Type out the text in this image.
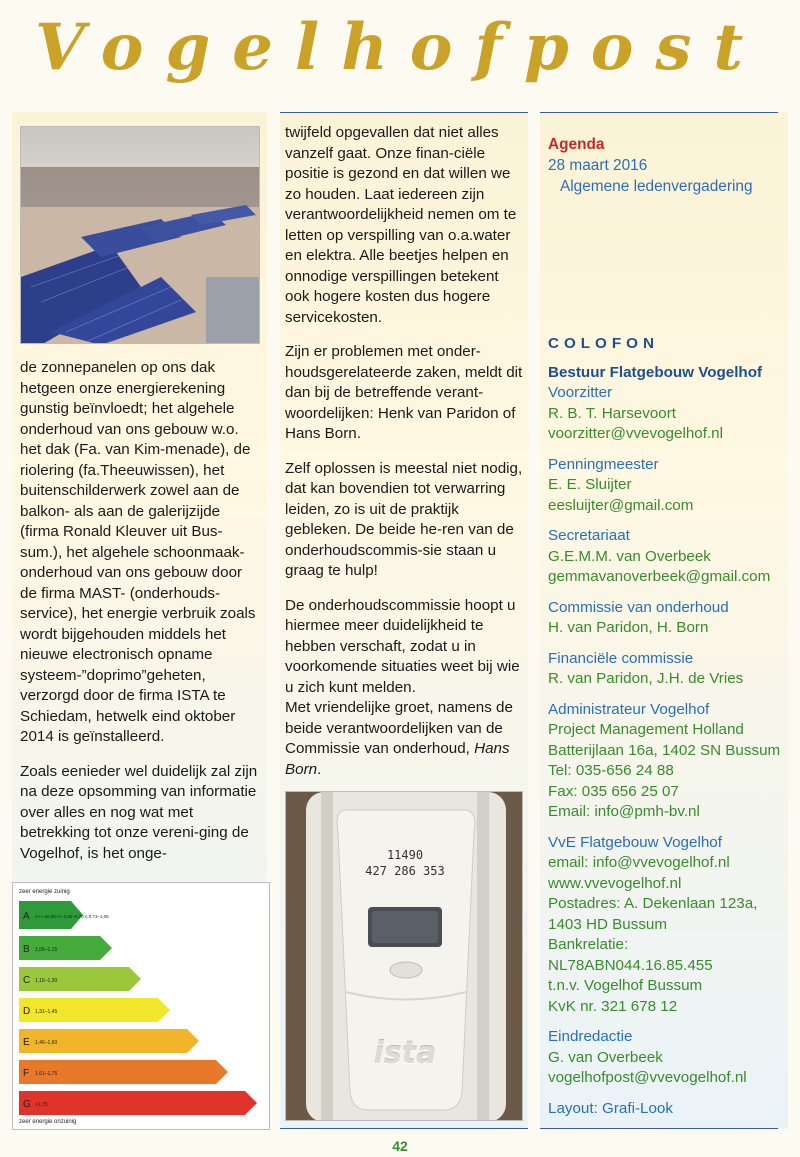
Vogelhofpost

de zonnepanelen op ons dak hetgeen onze energierekening gunstig beïnvloedt; het algehele onderhoud van ons gebouw w.o. het dak (Fa. van Kim-menade), de riolering (fa.Theeuwissen), het buitenschilderwerk zowel aan de balkon- als aan de galerijzijde (firma Ronald Kleuver uit Bus-sum.), het algehele schoonmaak-onderhoud van ons gebouw door de firma MAST- (onderhouds-service), het energie verbruik zoals wordt bijgehouden middels het nieuwe electronisch opname systeem-”doprimo”geheten, verzorgd door de firma ISTA te Schiedam, hetwelk eind oktober 2014 is geïnstalleerd.

Zoals eenieder wel duidelijk zal zijn na deze opsomming van informatie over alles en nog wat met betrekking tot onze vereni-ging de Vogelhof, is het onge-

zeer energie zuinig
A A++ ≤0,55 A+ 0,56–0,70 A 0,71–1,05
B 1,06–1,15
C 1,16–1,30
D 1,31–1,45
E 1,46–1,60
F 1,61–1,75
G >1,75
zeer energie onzuinig

twijfeld opgevallen dat niet alles vanzelf gaat. Onze finan-ciële positie is gezond en dat willen we zo houden. Laat iedereen zijn verantwoordelijkheid nemen om te letten op verspilling van o.a.water en elektra. Alle beetjes helpen en onnodige verspillingen betekent ook hogere kosten dus hogere servicekosten.

Zijn er problemen met onder-houdsgerelateerde zaken, meldt dit dan bij de betreffende verant-woordelijken: Henk van Paridon of Hans Born.

Zelf oplossen is meestal niet nodig, dat kan bovendien tot verwarring leiden, zo is uit de praktijk gebleken. De beide he-ren van de onderhoudscommis-sie staan u graag te hulp!

De onderhoudscommissie hoopt u hiermee meer duidelijkheid te hebben verschaft, zodat u in voorkomende situaties weet bij wie u zich kunt melden.

Met vriendelijke groet, namens de beide verantwoordelijken van de Commissie van onderhoud, Hans Born.

11490
427 286 353
ista
Agenda
28 maart 2016
Algemene ledenvergadering
COLOFON
Bestuur Flatgebouw Vogelhof
Voorzitter
R. B. T. Harsevoort
voorzitter@vvevogelhof.nl
Penningmeester
E. E. Sluijter
eesluijter@gmail.com
Secretariaat
G.E.M.M. van Overbeek
gemmavanoverbeek@gmail.com
Commissie van onderhoud
H. van Paridon, H. Born
Financiële commissie
R. van Paridon, J.H. de Vries
Administrateur Vogelhof
Project Management Holland
Batterijlaan 16a, 1402 SN Bussum
Tel: 035-656 24 88
Fax: 035 656 25 07
Email: info@pmh-bv.nl
VvE Flatgebouw Vogelhof
email: info@vvevogelhof.nl
www.vvevogelhof.nl
Postadres: A. Dekenlaan 123a,
1403 HD Bussum
Bankrelatie:
NL78ABN044.16.85.455
t.n.v. Vogelhof Bussum
KvK nr. 321 678 12
Eindredactie
G. van Overbeek
vogelhofpost@vvevogelhof.nl
Layout: Grafi-Look
42
